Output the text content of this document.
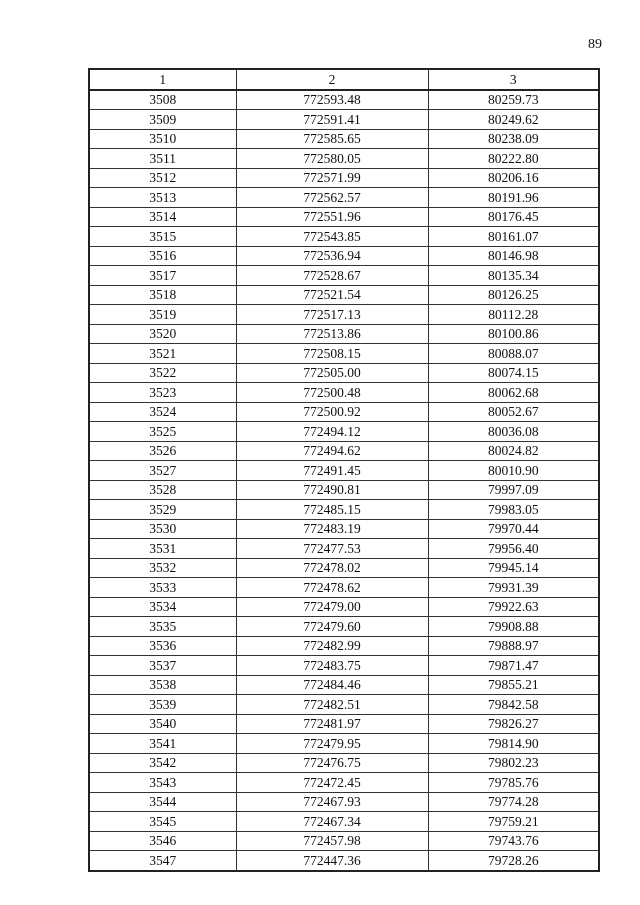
89
1	2	3
3508	772593.48	80259.73
3509	772591.41	80249.62
3510	772585.65	80238.09
3511	772580.05	80222.80
3512	772571.99	80206.16
3513	772562.57	80191.96
3514	772551.96	80176.45
3515	772543.85	80161.07
3516	772536.94	80146.98
3517	772528.67	80135.34
3518	772521.54	80126.25
3519	772517.13	80112.28
3520	772513.86	80100.86
3521	772508.15	80088.07
3522	772505.00	80074.15
3523	772500.48	80062.68
3524	772500.92	80052.67
3525	772494.12	80036.08
3526	772494.62	80024.82
3527	772491.45	80010.90
3528	772490.81	79997.09
3529	772485.15	79983.05
3530	772483.19	79970.44
3531	772477.53	79956.40
3532	772478.02	79945.14
3533	772478.62	79931.39
3534	772479.00	79922.63
3535	772479.60	79908.88
3536	772482.99	79888.97
3537	772483.75	79871.47
3538	772484.46	79855.21
3539	772482.51	79842.58
3540	772481.97	79826.27
3541	772479.95	79814.90
3542	772476.75	79802.23
3543	772472.45	79785.76
3544	772467.93	79774.28
3545	772467.34	79759.21
3546	772457.98	79743.76
3547	772447.36	79728.26
